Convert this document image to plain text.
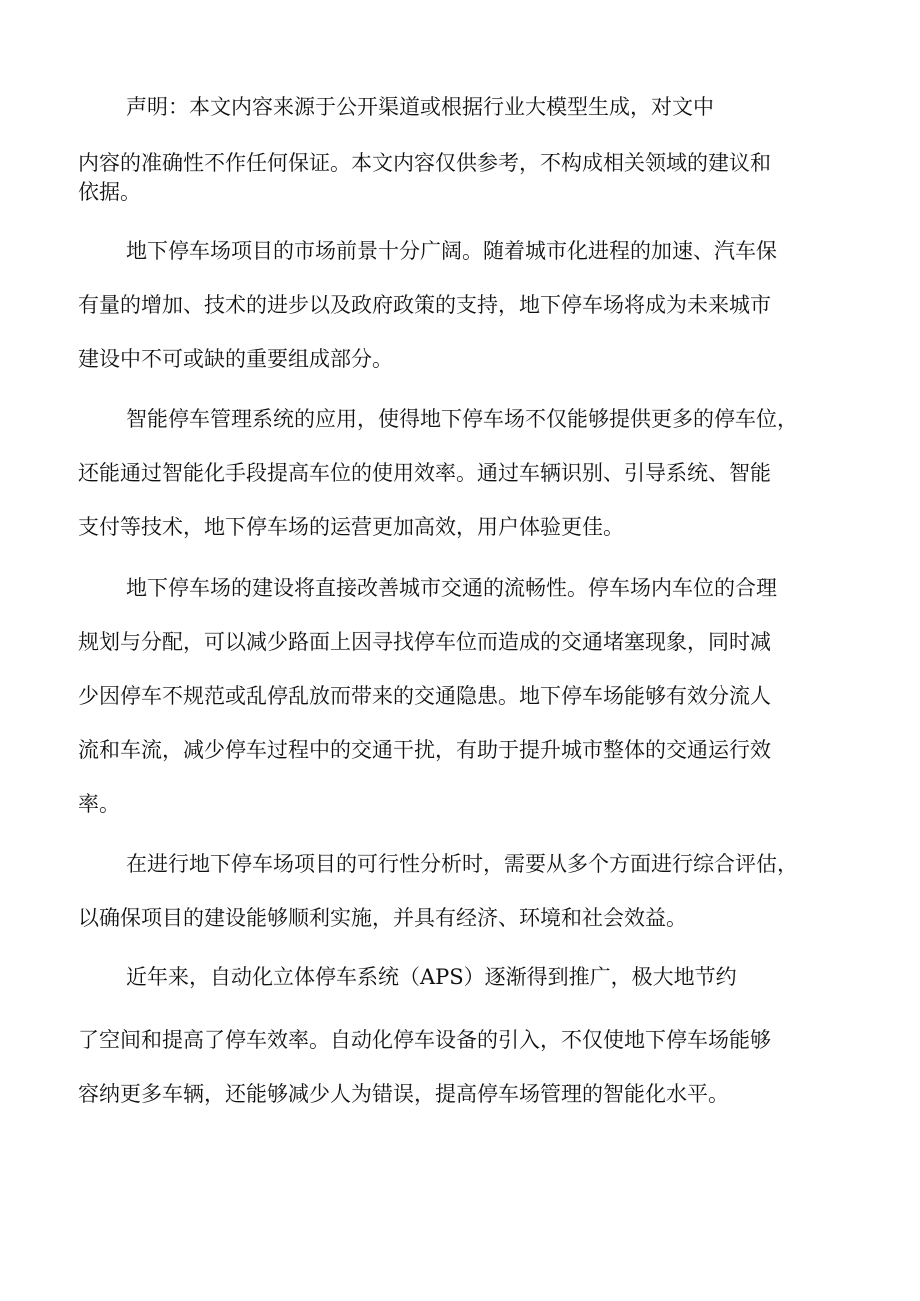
声明：本文内容来源于公开渠道或根据行业大模型生成，对文中
内容的准确性不作任何保证。本文内容仅供参考，不构成相关领域的建议和
依据。
地下停车场项目的市场前景十分广阔。随着城市化进程的加速、汽车保
有量的增加、技术的进步以及政府政策的支持，地下停车场将成为未来城市
建设中不可或缺的重要组成部分。
智能停车管理系统的应用，使得地下停车场不仅能够提供更多的停车位，
还能通过智能化手段提高车位的使用效率。通过车辆识别、引导系统、智能
支付等技术，地下停车场的运营更加高效，用户体验更佳。
地下停车场的建设将直接改善城市交通的流畅性。停车场内车位的合理
规划与分配，可以减少路面上因寻找停车位而造成的交通堵塞现象，同时减
少因停车不规范或乱停乱放而带来的交通隐患。地下停车场能够有效分流人
流和车流，减少停车过程中的交通干扰，有助于提升城市整体的交通运行效
率。
在进行地下停车场项目的可行性分析时，需要从多个方面进行综合评估，
以确保项目的建设能够顺利实施，并具有经济、环境和社会效益。
近年来，自动化立体停车系统（APS）逐渐得到推广，极大地节约
了空间和提高了停车效率。自动化停车设备的引入，不仅使地下停车场能够
容纳更多车辆，还能够减少人为错误，提高停车场管理的智能化水平。
